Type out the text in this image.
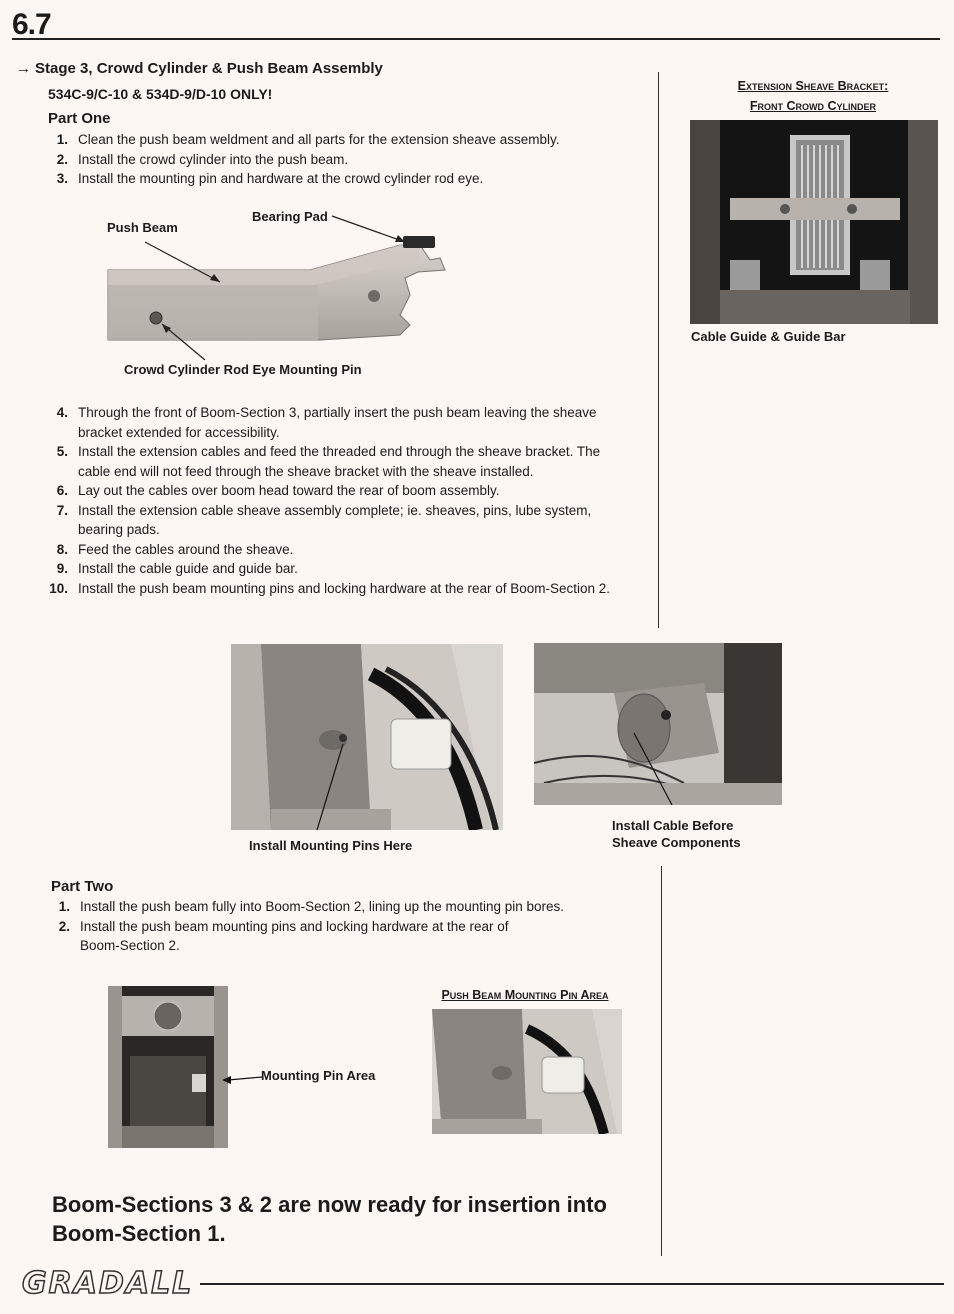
6.7
→ Stage 3, Crowd Cylinder & Push Beam Assembly
534C-9/C-10 & 534D-9/D-10 ONLY!
Part One
1. Clean the push beam weldment and all parts for the extension sheave assembly.
2. Install the crowd cylinder into the push beam.
3. Install the mounting pin and hardware at the crowd cylinder rod eye.
Push Beam
Bearing Pad
Crowd Cylinder Rod Eye Mounting Pin
4. Through the front of Boom-Section 3, partially insert the push beam leaving the sheave bracket extended for accessibility.
5. Install the extension cables and feed the threaded end through the sheave bracket. The cable end will not feed through the sheave bracket with the sheave installed.
6. Lay out the cables over boom head toward the rear of boom assembly.
7. Install the extension cable sheave assembly complete; ie. sheaves, pins, lube system, bearing pads.
8. Feed the cables around the sheave.
9. Install the cable guide and guide bar.
10. Install the push beam mounting pins and locking hardware at the rear of Boom-Section 2.
Extension Sheave Bracket:
Front Crowd Cylinder
Cable Guide & Guide Bar
Install Mounting Pins Here
Install Cable Before
Sheave Components
Part Two
1. Install the push beam fully into Boom-Section 2, lining up the mounting pin bores.
2. Install the push beam mounting pins and locking hardware at the rear of Boom-Section 2.
Mounting Pin Area
Push Beam Mounting Pin Area
Boom-Sections 3 & 2 are now ready for insertion into
Boom-Section 1.
GRADALL
